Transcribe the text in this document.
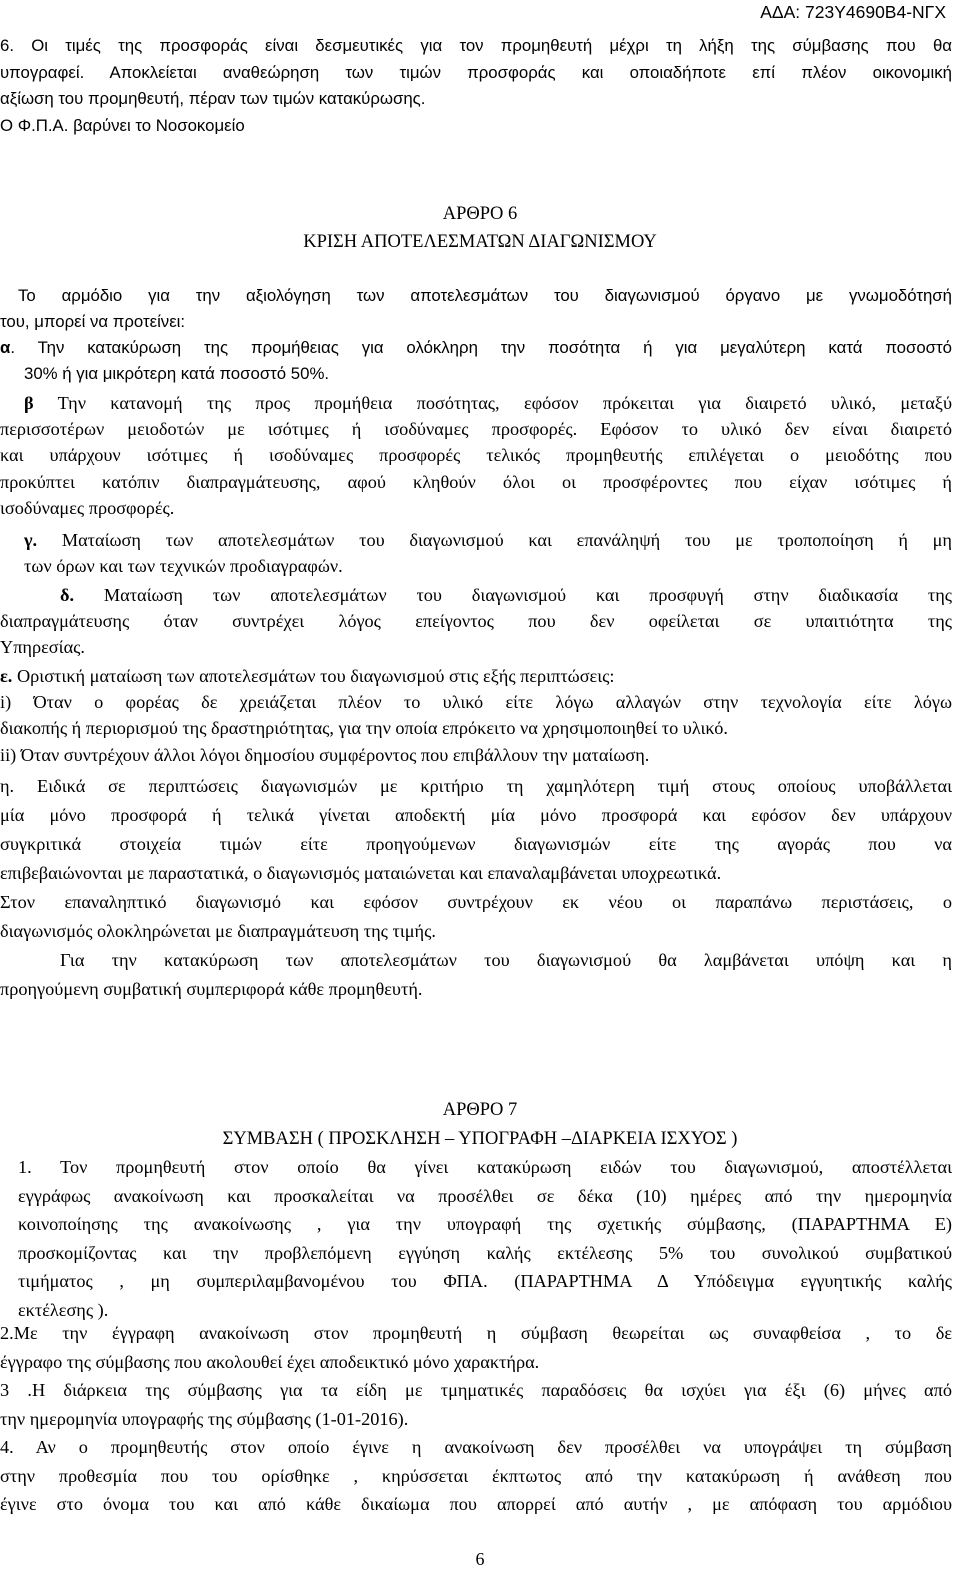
ΑΔΑ: 723Υ4690Β4-ΝΓΧ
6. Οι τιμές της προσφοράς είναι δεσμευτικές για τον προμηθευτή μέχρι τη λήξη της σύμβασης που θα
υπογραφεί. Αποκλείεται αναθεώρηση των τιμών προσφοράς και οποιαδήποτε επί πλέον οικονομική
αξίωση του προμηθευτή, πέραν των τιμών κατακύρωσης.
Ο Φ.Π.Α. βαρύνει το Νοσοκομείο
ΑΡΘΡΟ 6
ΚΡΙΣΗ ΑΠΟΤΕΛΕΣΜΑΤΩΝ ΔΙΑΓΩΝΙΣΜΟΥ
Το αρμόδιο για την αξιολόγηση των αποτελεσμάτων του διαγωνισμού όργανο με γνωμοδότησή
του, μπορεί να προτείνει:
α. Την κατακύρωση της προμήθειας για ολόκληρη την ποσότητα ή για μεγαλύτερη κατά ποσοστό
30% ή για μικρότερη κατά ποσοστό 50%.
β Την κατανομή της προς προμήθεια ποσότητας, εφόσον πρόκειται για διαιρετό υλικό, μεταξύ
περισσοτέρων μειοδοτών με ισότιμες ή ισοδύναμες προσφορές. Εφόσον το υλικό δεν είναι διαιρετό
και υπάρχουν ισότιμες ή ισοδύναμες προσφορές τελικός προμηθευτής επιλέγεται ο μειοδότης που
προκύπτει κατόπιν διαπραγμάτευσης, αφού κληθούν όλοι οι προσφέροντες που είχαν ισότιμες ή
ισοδύναμες προσφορές.
γ. Ματαίωση των αποτελεσμάτων του διαγωνισμού και επανάληψή του με τροποποίηση ή μη
των όρων και των τεχνικών προδιαγραφών.
δ. Ματαίωση των αποτελεσμάτων του διαγωνισμού και προσφυγή στην διαδικασία της
διαπραγμάτευσης όταν συντρέχει λόγος επείγοντος που δεν οφείλεται σε υπαιτιότητα της
Υπηρεσίας.
ε. Οριστική ματαίωση των αποτελεσμάτων του διαγωνισμού στις εξής περιπτώσεις:
i) Όταν ο φορέας δε χρειάζεται πλέον το υλικό είτε λόγω αλλαγών στην τεχνολογία είτε λόγω
διακοπής ή περιορισμού της δραστηριότητας, για την οποία επρόκειτο να χρησιμοποιηθεί το υλικό.
ii) Όταν συντρέχουν άλλοι λόγοι δημοσίου συμφέροντος που επιβάλλουν την ματαίωση.
η. Ειδικά σε περιπτώσεις διαγωνισμών με κριτήριο τη χαμηλότερη τιμή στους οποίους υποβάλλεται
μία μόνο προσφορά ή τελικά γίνεται αποδεκτή μία μόνο προσφορά και εφόσον δεν υπάρχουν
συγκριτικά στοιχεία τιμών είτε προηγούμενων διαγωνισμών είτε της αγοράς που να
επιβεβαιώνονται με παραστατικά, ο διαγωνισμός ματαιώνεται και επαναλαμβάνεται υποχρεωτικά.
Στον επαναληπτικό διαγωνισμό και εφόσον συντρέχουν εκ νέου οι παραπάνω περιστάσεις, ο
διαγωνισμός ολοκληρώνεται με διαπραγμάτευση της τιμής.
Για την κατακύρωση των αποτελεσμάτων του διαγωνισμού θα λαμβάνεται υπόψη και η
προηγούμενη συμβατική συμπεριφορά κάθε προμηθευτή.
ΑΡΘΡΟ 7
ΣΥΜΒΑΣΗ ( ΠΡΟΣΚΛΗΣΗ – ΥΠΟΓΡΑΦΗ –ΔΙΑΡΚΕΙΑ ΙΣΧΥΟΣ )
1. Τον προμηθευτή στον οποίο θα γίνει κατακύρωση ειδών του διαγωνισμού, αποστέλλεται
εγγράφως ανακοίνωση και προσκαλείται να προσέλθει σε δέκα (10) ημέρες από την ημερομηνία
κοινοποίησης της ανακοίνωσης , για την υπογραφή της σχετικής σύμβασης, (ΠΑΡΑΡΤΗΜΑ Ε)
προσκομίζοντας και την προβλεπόμενη εγγύηση καλής εκτέλεσης 5% του συνολικού συμβατικού
τιμήματος , μη συμπεριλαμβανομένου του ΦΠΑ. (ΠΑΡΑΡΤΗΜΑ Δ Υπόδειγμα εγγυητικής καλής
εκτέλεσης ).
2.Με την έγγραφη ανακοίνωση στον προμηθευτή η σύμβαση θεωρείται ως συναφθείσα , το δε
έγγραφο της σύμβασης που ακολουθεί έχει αποδεικτικό μόνο χαρακτήρα.
3 .Η διάρκεια της σύμβασης για τα είδη με τμηματικές παραδόσεις θα ισχύει για έξι (6) μήνες από
την ημερομηνία υπογραφής της σύμβασης (1-01-2016).
4. Αν ο προμηθευτής στον οποίο έγινε η ανακοίνωση δεν προσέλθει να υπογράψει τη σύμβαση
στην προθεσμία που του ορίσθηκε , κηρύσσεται έκπτωτος από την κατακύρωση ή ανάθεση που
έγινε στο όνομα του και από κάθε δικαίωμα που απορρεί από αυτήν , με απόφαση του αρμόδιου
6
